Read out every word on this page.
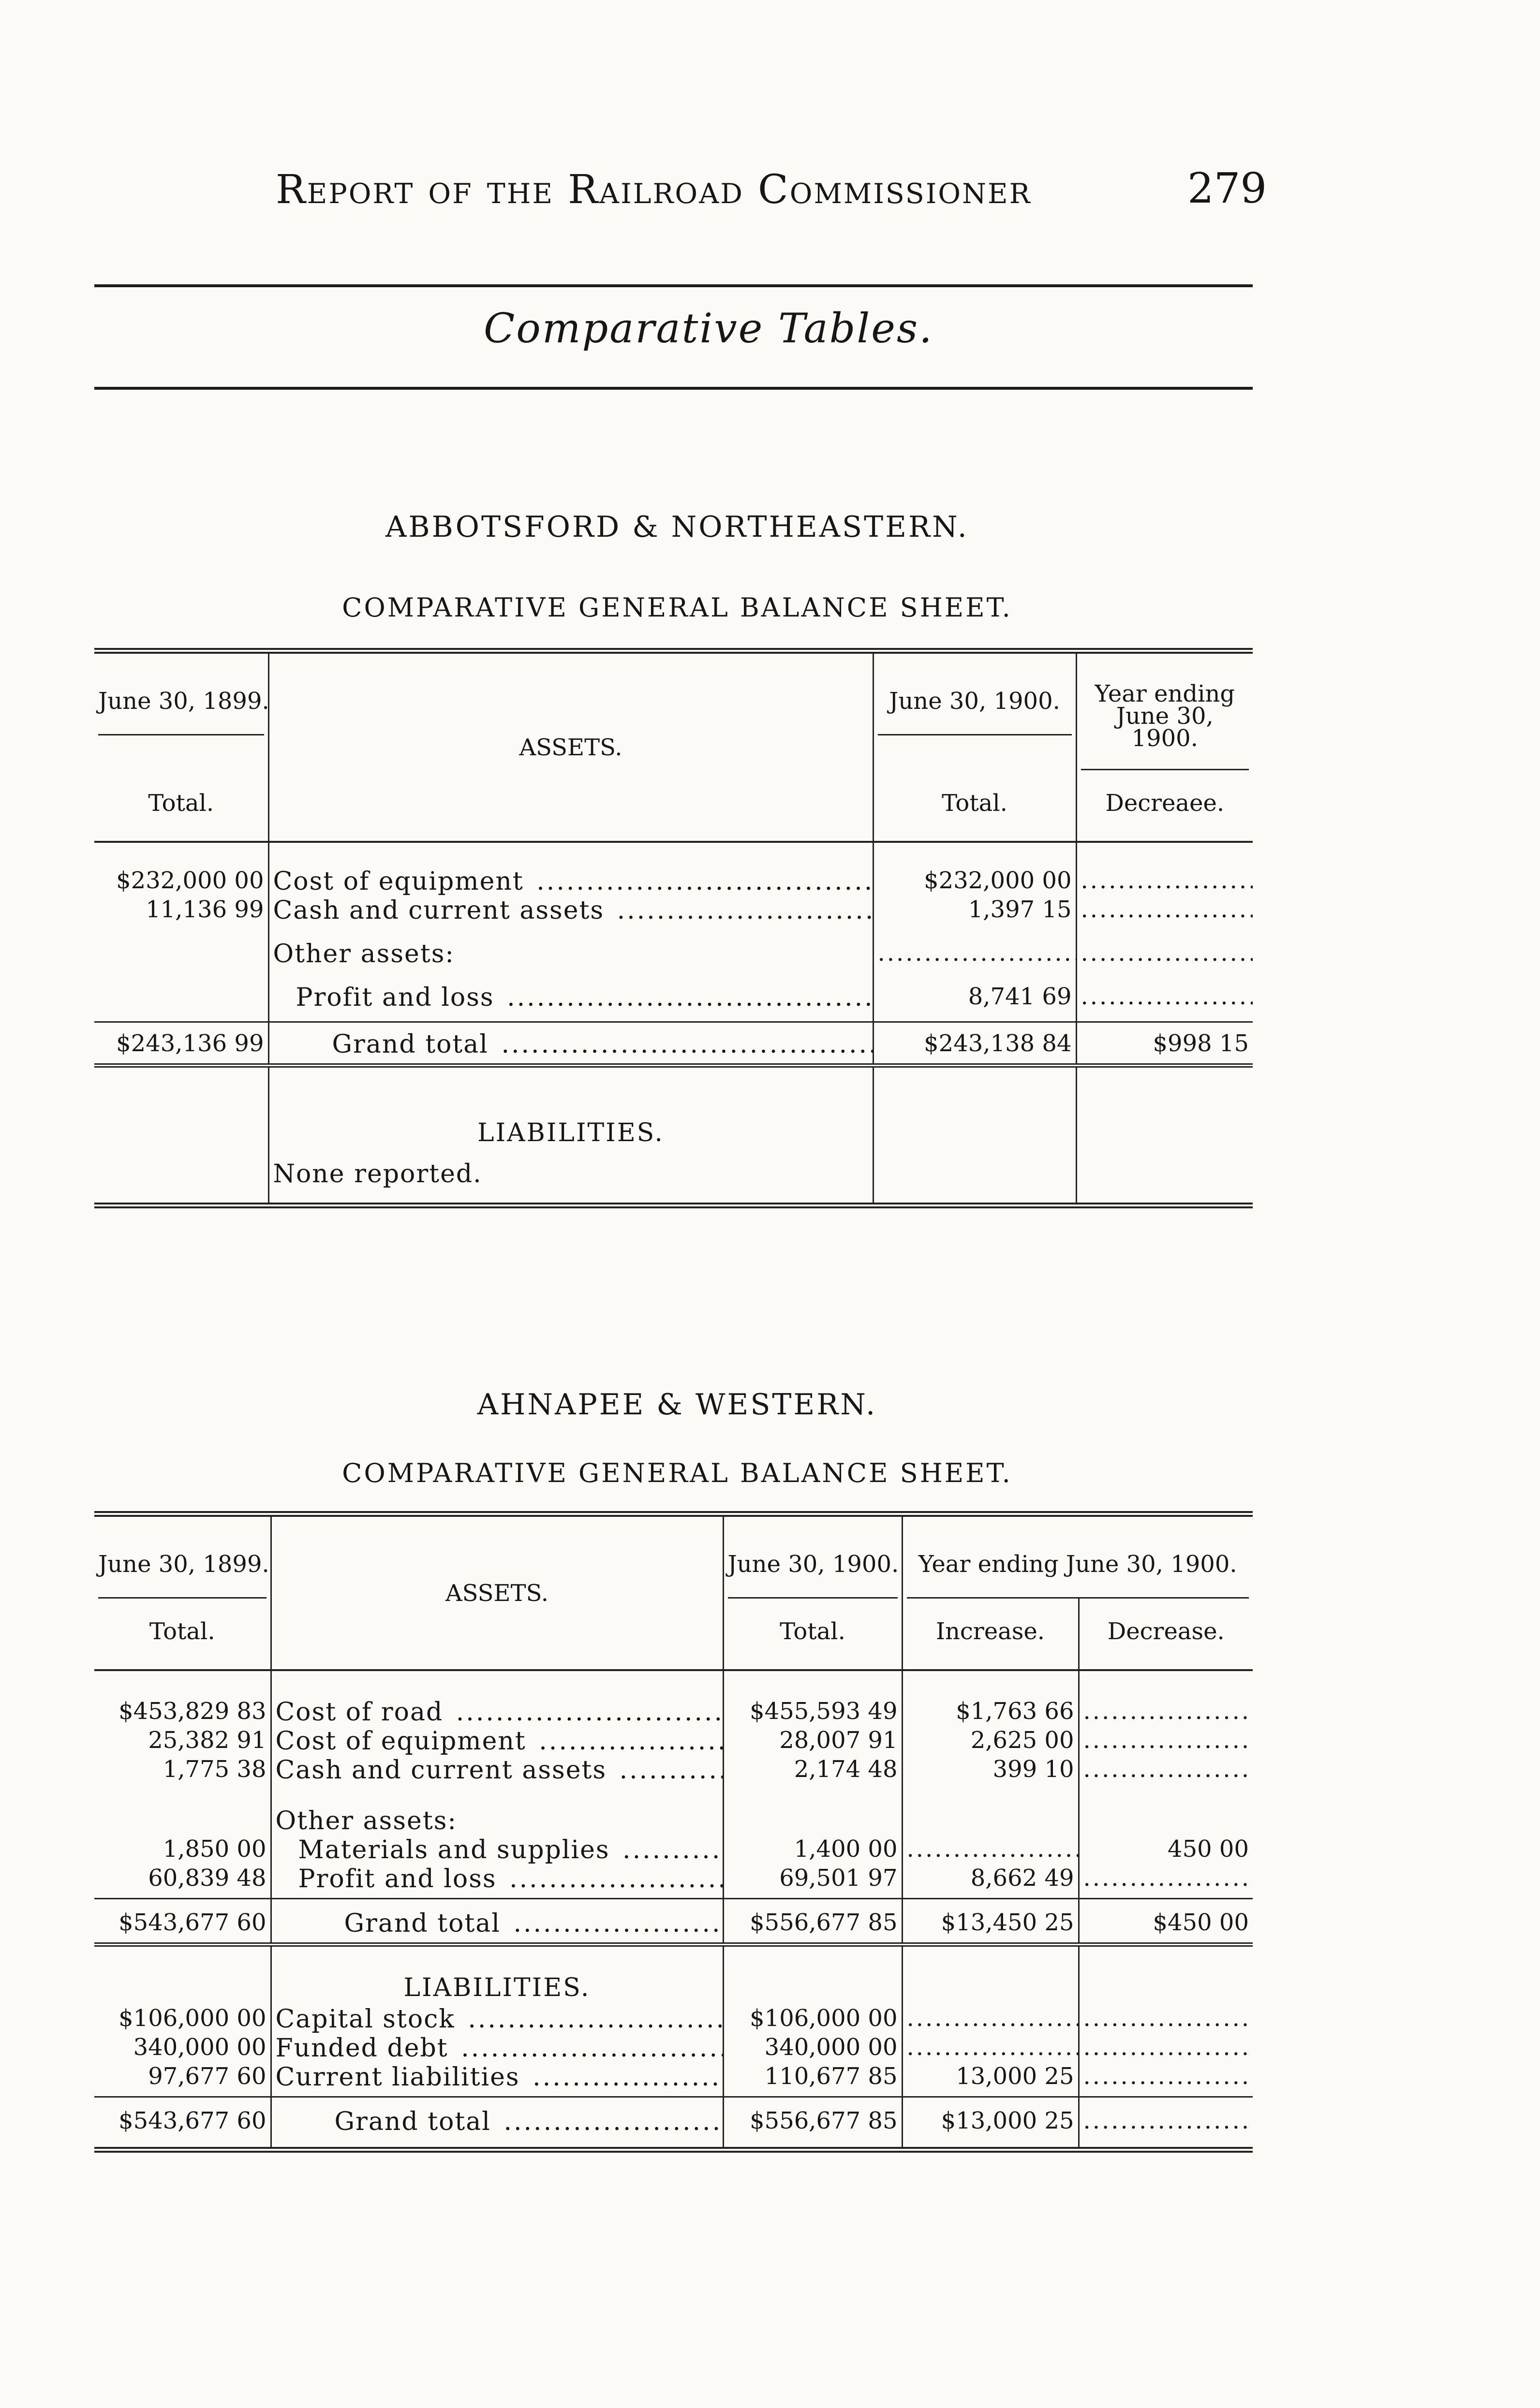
Report of the Railroad Commissioner	279
Comparative Tables.
ABBOTSFORD & NORTHEASTERN.
COMPARATIVE GENERAL BALANCE SHEET.
June 30, 1899.	ASSETS.	June 30, 1900.	Year ending June 30, 1900.

Total.		Total.	Decreaee.
$232,000 00	Cost of equipment .....	$232,000 00	.....
11,136 99	Cash and current assets .....	1,397 15	.....
	Other assets:	.....	.....
	Profit and loss .....	8,741 69	.....
$243,136 99	Grand total .....	$243,138 84	$998 15
	LIABILITIES.		
	None reported.		
AHNAPEE & WESTERN.
COMPARATIVE GENERAL BALANCE SHEET.
June 30, 1899.	ASSETS.	June 30, 1900.	Year ending June 30, 1900.	

Total.		Total.	Increase.	Decrease.
$453,829 83	Cost of road .....	$455,593 49	$1,763 66	.....
25,382 91	Cost of equipment .....	28,007 91	2,625 00	.....
1,775 38	Cash and current assets .....	2,174 48	399 10	.....
	Other assets:			
1,850 00	Materials and supplies .....	1,400 00	.....	450 00
60,839 48	Profit and loss .....	69,501 97	8,662 49	.....
$543,677 60	Grand total .....	$556,677 85	$13,450 25	$450 00
	LIABILITIES.			
$106,000 00	Capital stock .....	$106,000 00	.....	.....
340,000 00	Funded debt .....	340,000 00	.....	.....
97,677 60	Current liabilities .....	110,677 85	13,000 25	.....
$543,677 60	Grand total .....	$556,677 85	$13,000 25	.....
